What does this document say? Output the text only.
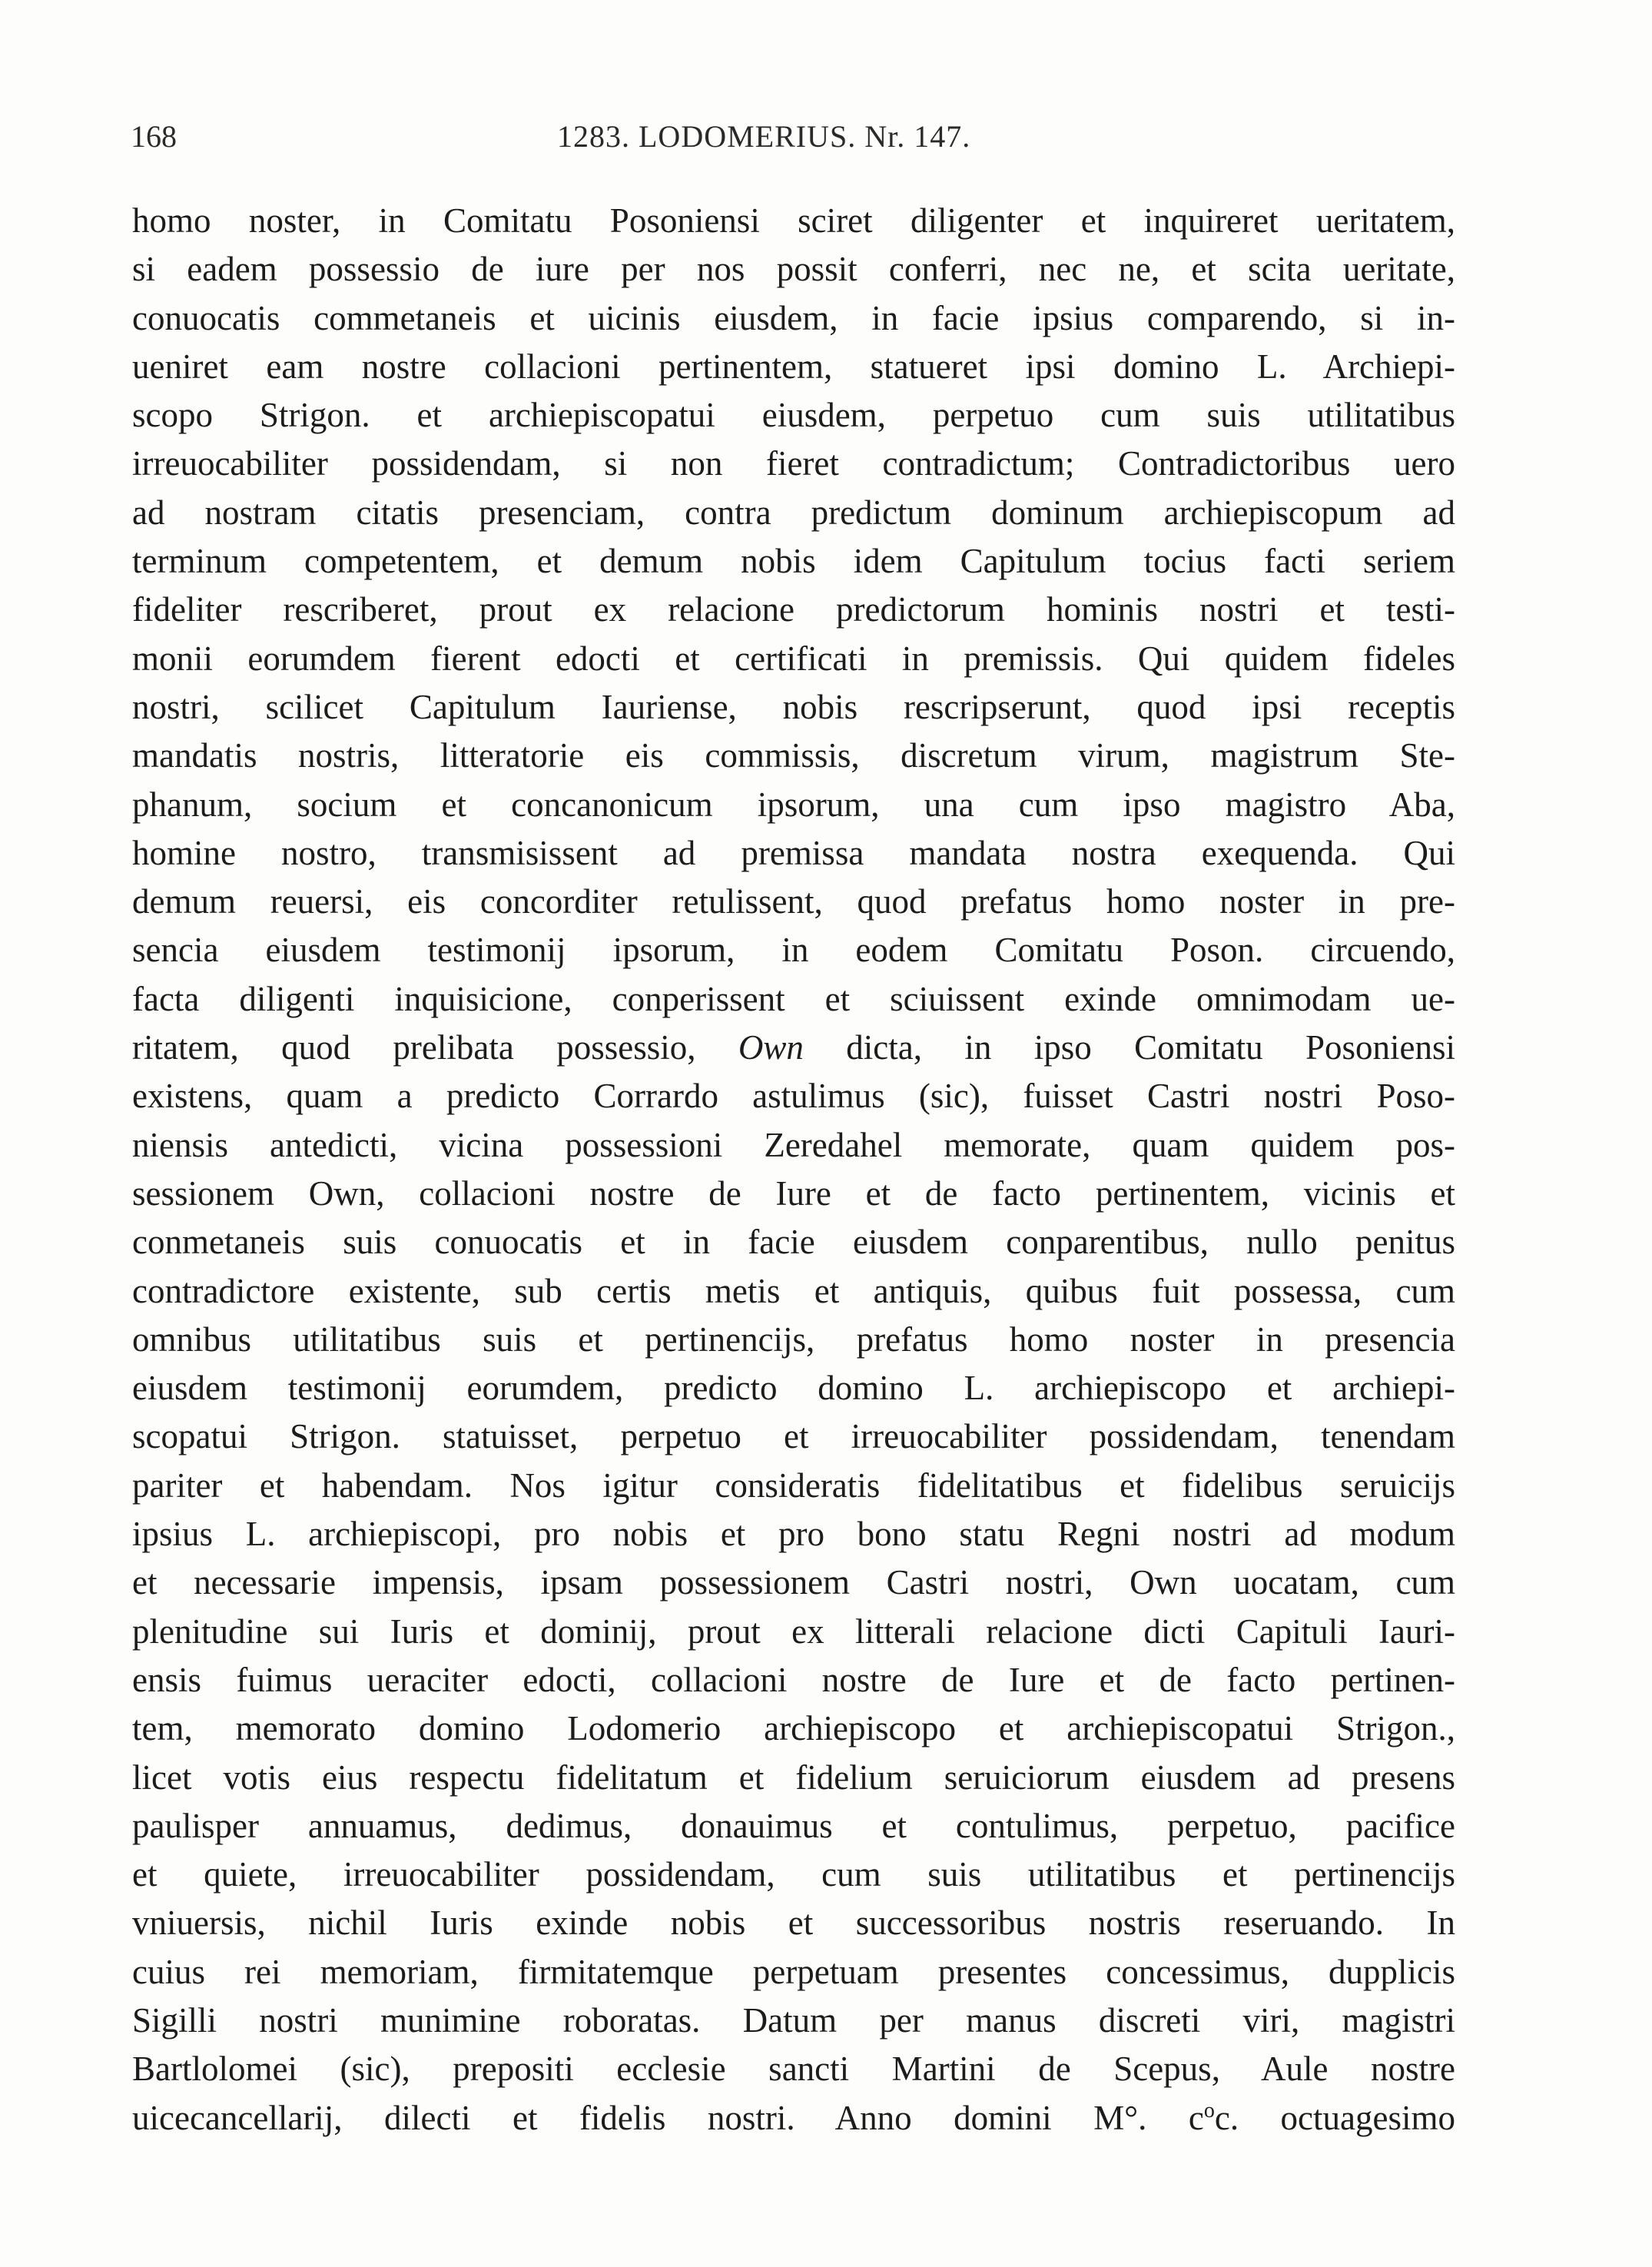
168	1283. LODOMERIUS. Nr. 147.
homo noster, in Comitatu Posoniensi sciret diligenter et inquireret ueritatem,
si eadem possessio de iure per nos possit conferri, nec ne, et scita ueritate,
conuocatis commetaneis et uicinis eiusdem, in facie ipsius comparendo, si in-
ueniret eam nostre collacioni pertinentem, statueret ipsi domino L. Archiepi-
scopo Strigon. et archiepiscopatui eiusdem, perpetuo cum suis utilitatibus
irreuocabiliter possidendam, si non fieret contradictum; Contradictoribus uero
ad nostram citatis presenciam, contra predictum dominum archiepiscopum ad
terminum competentem, et demum nobis idem Capitulum tocius facti seriem
fideliter rescriberet, prout ex relacione predictorum hominis nostri et testi-
monii eorumdem fierent edocti et certificati in premissis. Qui quidem fideles
nostri, scilicet Capitulum Iauriense, nobis rescripserunt, quod ipsi receptis
mandatis nostris, litteratorie eis commissis, discretum virum, magistrum Ste-
phanum, socium et concanonicum ipsorum, una cum ipso magistro Aba,
homine nostro, transmisissent ad premissa mandata nostra exequenda. Qui
demum reuersi, eis concorditer retulissent, quod prefatus homo noster in pre-
sencia eiusdem testimonij ipsorum, in eodem Comitatu Poson. circuendo,
facta diligenti inquisicione, conperissent et sciuissent exinde omnimodam ue-
ritatem, quod prelibata possessio, Own dicta, in ipso Comitatu Posoniensi
existens, quam a predicto Corrardo astulimus (sic), fuisset Castri nostri Poso-
niensis antedicti, vicina possessioni Zeredahel memorate, quam quidem pos-
sessionem Own, collacioni nostre de Iure et de facto pertinentem, vicinis et
conmetaneis suis conuocatis et in facie eiusdem conparentibus, nullo penitus
contradictore existente, sub certis metis et antiquis, quibus fuit possessa, cum
omnibus utilitatibus suis et pertinencijs, prefatus homo noster in presencia
eiusdem testimonij eorumdem, predicto domino L. archiepiscopo et archiepi-
scopatui Strigon. statuisset, perpetuo et irreuocabiliter possidendam, tenendam
pariter et habendam. Nos igitur consideratis fidelitatibus et fidelibus seruicijs
ipsius L. archiepiscopi, pro nobis et pro bono statu Regni nostri ad modum
et necessarie impensis, ipsam possessionem Castri nostri, Own uocatam, cum
plenitudine sui Iuris et dominij, prout ex litterali relacione dicti Capituli Iauri-
ensis fuimus ueraciter edocti, collacioni nostre de Iure et de facto pertinen-
tem, memorato domino Lodomerio archiepiscopo et archiepiscopatui Strigon.,
licet votis eius respectu fidelitatum et fidelium seruiciorum eiusdem ad presens
paulisper annuamus, dedimus, donauimus et contulimus, perpetuo, pacifice
et quiete, irreuocabiliter possidendam, cum suis utilitatibus et pertinencijs
vniuersis, nichil Iuris exinde nobis et successoribus nostris reseruando. In
cuius rei memoriam, firmitatemque perpetuam presentes concessimus, dupplicis
Sigilli nostri munimine roboratas. Datum per manus discreti viri, magistri
Bartlolomei (sic), prepositi ecclesie sancti Martini de Scepus, Aule nostre
uicecancellarij, dilecti et fidelis nostri. Anno domini M°. $c^oc$. octuagesimo
